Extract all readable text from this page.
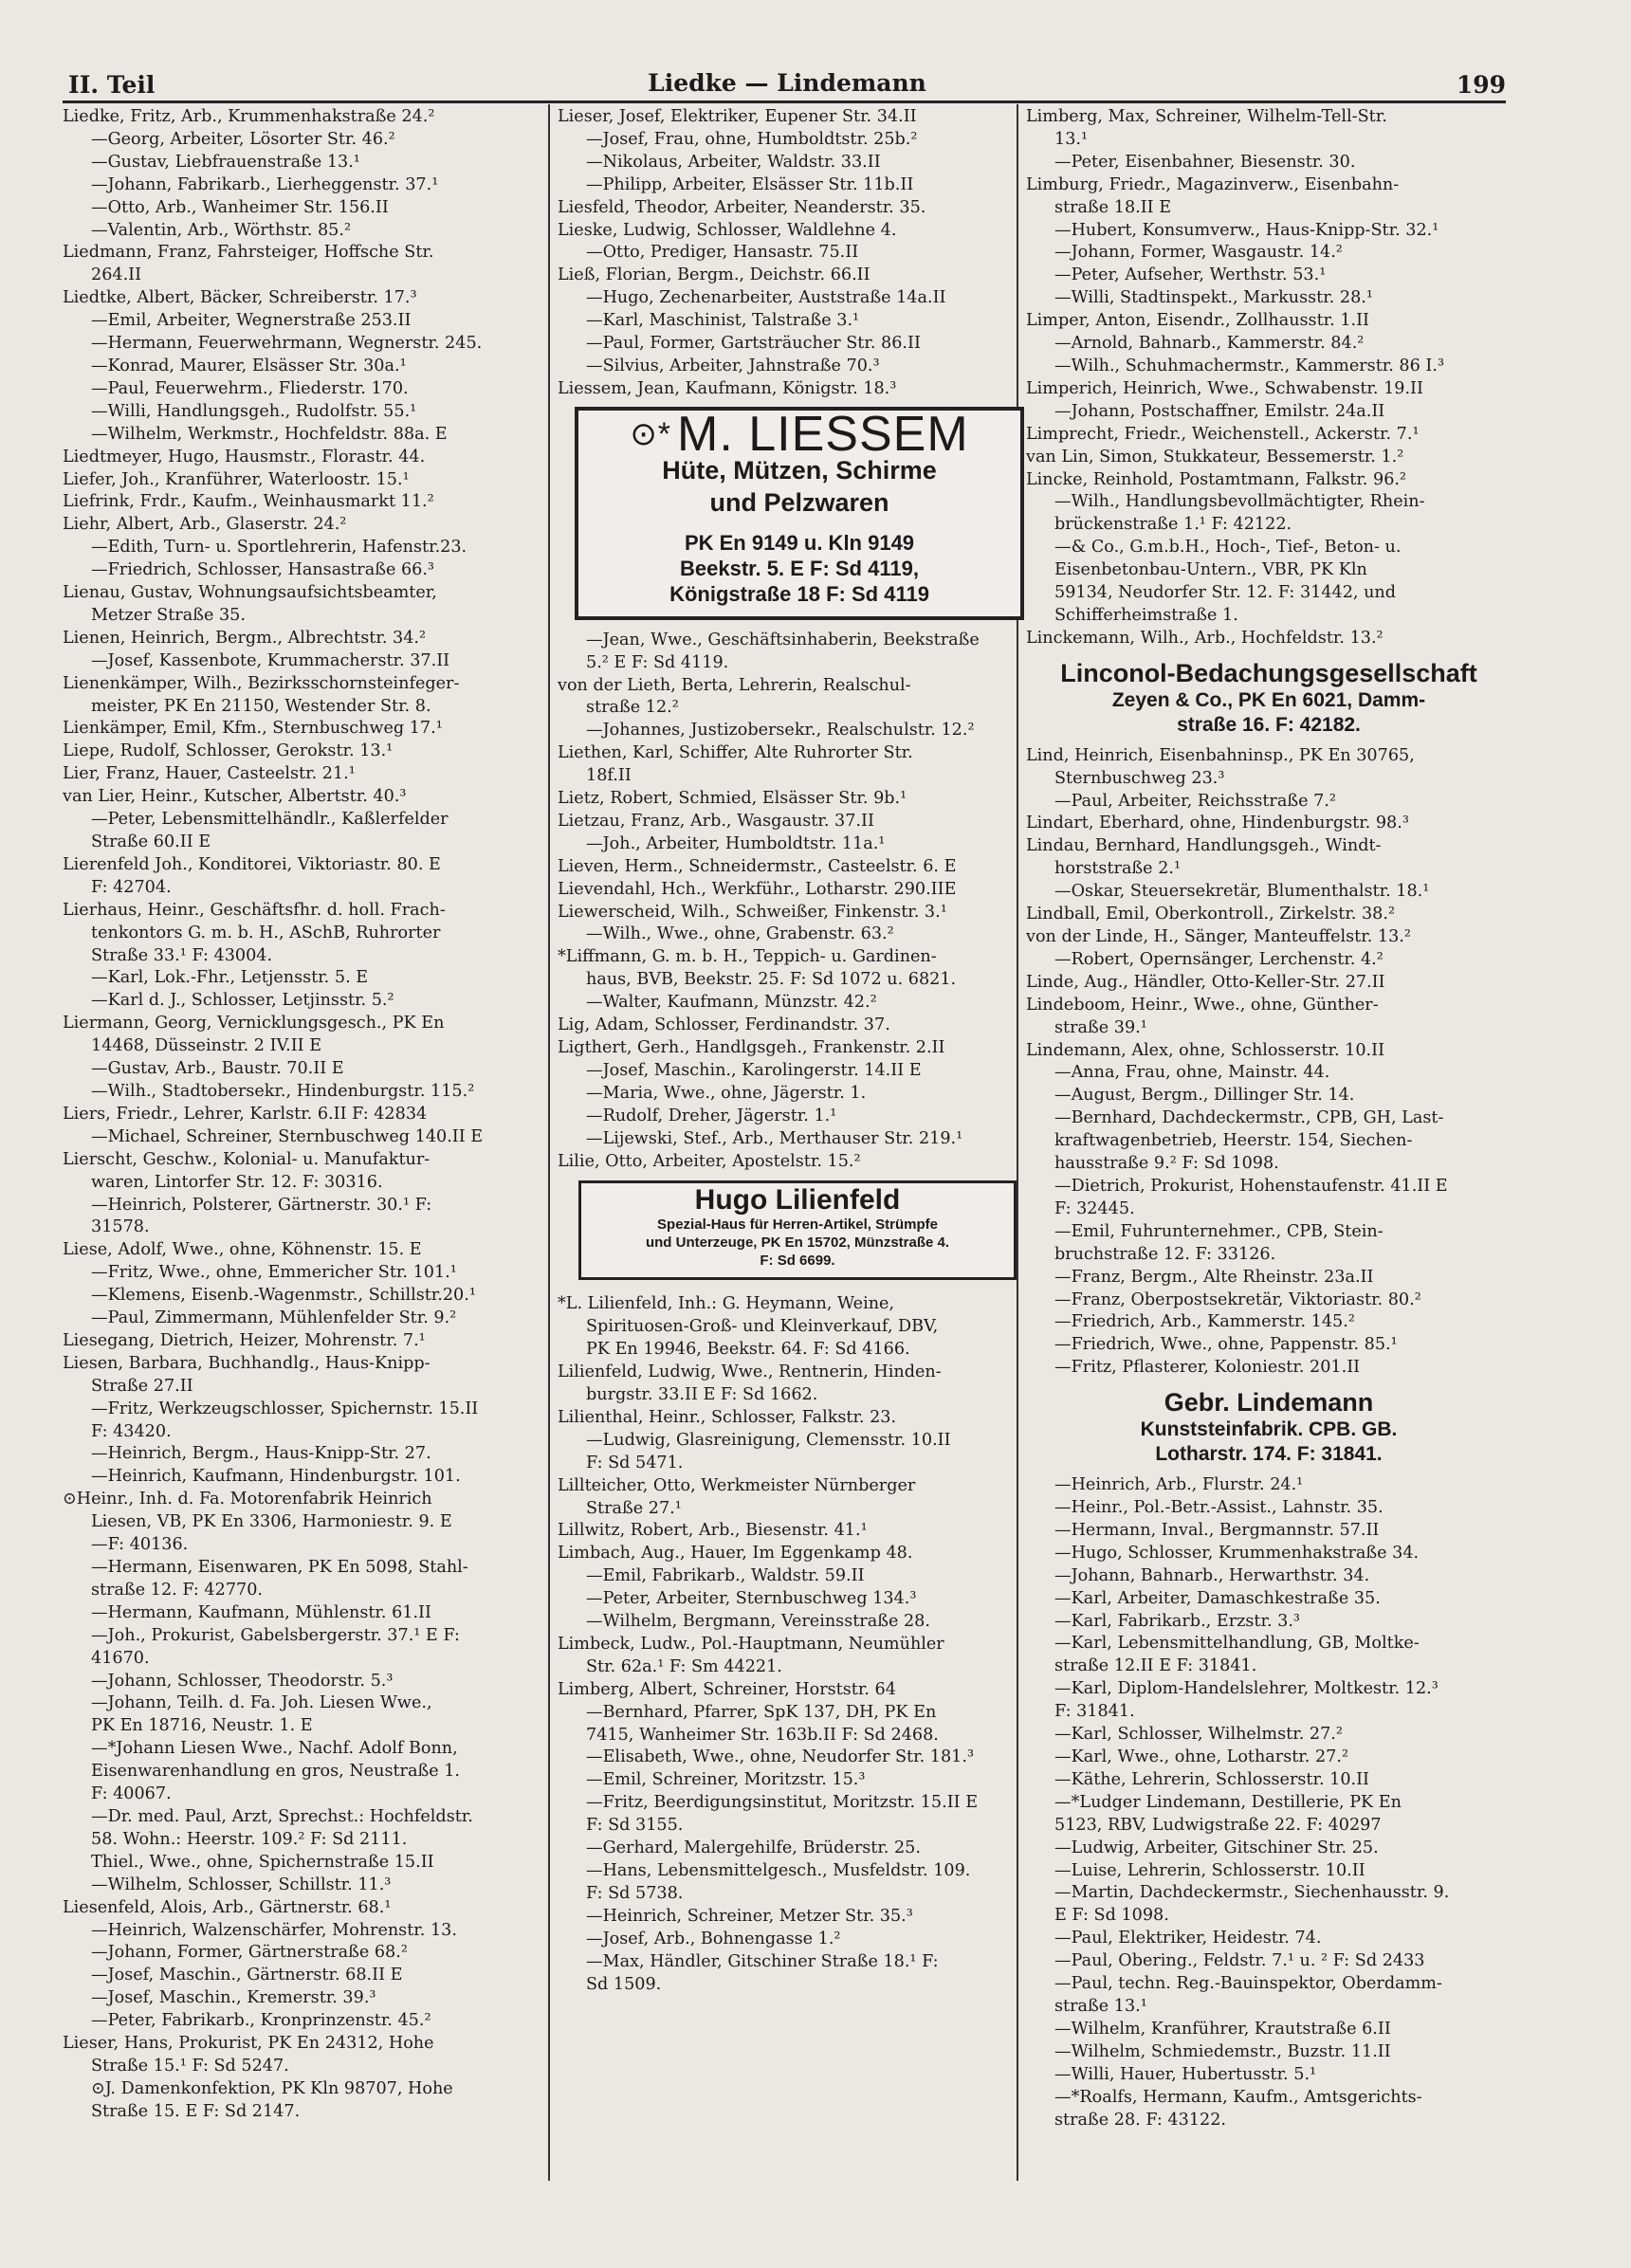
II. Teil	Liedke — Lindemann	199
Liedke, Fritz, Arb., Krummenhakstraße 24.²
—Georg, Arbeiter, Lösorter Str. 46.²
—Gustav, Liebfrauenstraße 13.¹
—Johann, Fabrikarb., Lierheggenstr. 37.¹
—Otto, Arb., Wanheimer Str. 156.II
—Valentin, Arb., Wörthstr. 85.²
Liedmann, Franz, Fahrsteiger, Hoffsche Str.
264.II
Liedtke, Albert, Bäcker, Schreiberstr. 17.³
—Emil, Arbeiter, Wegnerstraße 253.II
—Hermann, Feuerwehrmann, Wegnerstr. 245.
—Konrad, Maurer, Elsässer Str. 30a.¹
—Paul, Feuerwehrm., Fliederstr. 170.
—Willi, Handlungsgeh., Rudolfstr. 55.¹
—Wilhelm, Werkmstr., Hochfeldstr. 88a. E
Liedtmeyer, Hugo, Hausmstr., Florastr. 44.
Liefer, Joh., Kranführer, Waterloostr. 15.¹
Liefrink, Frdr., Kaufm., Weinhausmarkt 11.²
Liehr, Albert, Arb., Glaserstr. 24.²
—Edith, Turn- u. Sportlehrerin, Hafenstr.23.
—Friedrich, Schlosser, Hansastraße 66.³
Lienau, Gustav, Wohnungsaufsichtsbeamter,
Metzer Straße 35.
Lienen, Heinrich, Bergm., Albrechtstr. 34.²
—Josef, Kassenbote, Krummacherstr. 37.II
Lienenkämper, Wilh., Bezirksschornsteinfeger-
meister, PK En 21150, Westender Str. 8.
Lienkämper, Emil, Kfm., Sternbuschweg 17.¹
Liepe, Rudolf, Schlosser, Gerokstr. 13.¹
Lier, Franz, Hauer, Casteelstr. 21.¹
van Lier, Heinr., Kutscher, Albertstr. 40.³
—Peter, Lebensmittelhändlr., Kaßlerfelder
Straße 60.II E
Lierenfeld Joh., Konditorei, Viktoriastr. 80. E
F: 42704.
Lierhaus, Heinr., Geschäftsfhr. d. holl. Frach-
tenkontors G. m. b. H., ASchB, Ruhrorter
Straße 33.¹ F: 43004.
—Karl, Lok.-Fhr., Letjensstr. 5. E
—Karl d. J., Schlosser, Letjinsstr. 5.²
Liermann, Georg, Vernicklungsgesch., PK En
14468, Düsseinstr. 2 IV.II E
—Gustav, Arb., Baustr. 70.II E
—Wilh., Stadtobersekr., Hindenburgstr. 115.²
Liers, Friedr., Lehrer, Karlstr. 6.II F: 42834
—Michael, Schreiner, Sternbuschweg 140.II E
Lierscht, Geschw., Kolonial- u. Manufaktur-
waren, Lintorfer Str. 12. F: 30316.
—Heinrich, Polsterer, Gärtnerstr. 30.¹ F:
31578.
Liese, Adolf, Wwe., ohne, Köhnenstr. 15. E
—Fritz, Wwe., ohne, Emmericher Str. 101.¹
—Klemens, Eisenb.-Wagenmstr., Schillstr.20.¹
—Paul, Zimmermann, Mühlenfelder Str. 9.²
Liesegang, Dietrich, Heizer, Mohrenstr. 7.¹
Liesen, Barbara, Buchhandlg., Haus-Knipp-
Straße 27.II
—Fritz, Werkzeugschlosser, Spichernstr. 15.II
F: 43420.
—Heinrich, Bergm., Haus-Knipp-Str. 27.
—Heinrich, Kaufmann, Hindenburgstr. 101.
⊙Heinr., Inh. d. Fa. Motorenfabrik Heinrich
Liesen, VB, PK En 3306, Harmoniestr. 9. E
—F: 40136.
—Hermann, Eisenwaren, PK En 5098, Stahl-
straße 12. F: 42770.
—Hermann, Kaufmann, Mühlenstr. 61.II
—Joh., Prokurist, Gabelsbergerstr. 37.¹ E F:
41670.
—Johann, Schlosser, Theodorstr. 5.³
—Johann, Teilh. d. Fa. Joh. Liesen Wwe.,
PK En 18716, Neustr. 1. E
—*Johann Liesen Wwe., Nachf. Adolf Bonn,
Eisenwarenhandlung en gros, Neustraße 1.
F: 40067.
—Dr. med. Paul, Arzt, Sprechst.: Hochfeldstr.
58. Wohn.: Heerstr. 109.² F: Sd 2111.
Thiel., Wwe., ohne, Spichernstraße 15.II
—Wilhelm, Schlosser, Schillstr. 11.³
Liesenfeld, Alois, Arb., Gärtnerstr. 68.¹
—Heinrich, Walzenschärfer, Mohrenstr. 13.
—Johann, Former, Gärtnerstraße 68.²
—Josef, Maschin., Gärtnerstr. 68.II E
—Josef, Maschin., Kremerstr. 39.³
—Peter, Fabrikarb., Kronprinzenstr. 45.²
Lieser, Hans, Prokurist, PK En 24312, Hohe
Straße 15.¹ F: Sd 5247.
⊙J. Damenkonfektion, PK Kln 98707, Hohe
Straße 15. E F: Sd 2147.
Lieser, Josef, Elektriker, Eupener Str. 34.II
—Josef, Frau, ohne, Humboldtstr. 25b.²
—Nikolaus, Arbeiter, Waldstr. 33.II
—Philipp, Arbeiter, Elsässer Str. 11b.II
Liesfeld, Theodor, Arbeiter, Neanderstr. 35.
Lieske, Ludwig, Schlosser, Waldlehne 4.
—Otto, Prediger, Hansastr. 75.II
Ließ, Florian, Bergm., Deichstr. 66.II
—Hugo, Zechenarbeiter, Auststraße 14a.II
—Karl, Maschinist, Talstraße 3.¹
—Paul, Former, Gartsträucher Str. 86.II
—Silvius, Arbeiter, Jahnstraße 70.³
Liessem, Jean, Kaufmann, Königstr. 18.³
⊙* M. LIESSEM
Hüte, Mützen, Schirme
und Pelzwaren
PK En 9149 u. Kln 9149
Beekstr. 5. E F: Sd 4119,
Königstraße 18 F: Sd 4119
—Jean, Wwe., Geschäftsinhaberin, Beekstraße
5.² E F: Sd 4119.
von der Lieth, Berta, Lehrerin, Realschul-
straße 12.²
—Johannes, Justizobersekr., Realschulstr. 12.²
Liethen, Karl, Schiffer, Alte Ruhrorter Str.
18f.II
Lietz, Robert, Schmied, Elsässer Str. 9b.¹
Lietzau, Franz, Arb., Wasgaustr. 37.II
—Joh., Arbeiter, Humboldtstr. 11a.¹
Lieven, Herm., Schneidermstr., Casteelstr. 6. E
Lievendahl, Hch., Werkführ., Lotharstr. 290.IIE
Liewerscheid, Wilh., Schweißer, Finkenstr. 3.¹
—Wilh., Wwe., ohne, Grabenstr. 63.²
*Liffmann, G. m. b. H., Teppich- u. Gardinen-
haus, BVB, Beekstr. 25. F: Sd 1072 u. 6821.
—Walter, Kaufmann, Münzstr. 42.²
Lig, Adam, Schlosser, Ferdinandstr. 37.
Ligthert, Gerh., Handlgsgeh., Frankenstr. 2.II
—Josef, Maschin., Karolingerstr. 14.II E
—Maria, Wwe., ohne, Jägerstr. 1.
—Rudolf, Dreher, Jägerstr. 1.¹
—Lijewski, Stef., Arb., Merthauser Str. 219.¹
Lilie, Otto, Arbeiter, Apostelstr. 15.²
Hugo Lilienfeld
Spezial-Haus für Herren-Artikel, Strümpfe
und Unterzeuge, PK En 15702, Münzstraße 4.
F: Sd 6699.
*L. Lilienfeld, Inh.: G. Heymann, Weine,
Spirituosen-Groß- und Kleinverkauf, DBV,
PK En 19946, Beekstr. 64. F: Sd 4166.
Lilienfeld, Ludwig, Wwe., Rentnerin, Hinden-
burgstr. 33.II E F: Sd 1662.
Lilienthal, Heinr., Schlosser, Falkstr. 23.
—Ludwig, Glasreinigung, Clemensstr. 10.II
F: Sd 5471.
Lillteicher, Otto, Werkmeister Nürnberger
Straße 27.¹
Lillwitz, Robert, Arb., Biesenstr. 41.¹
Limbach, Aug., Hauer, Im Eggenkamp 48.
—Emil, Fabrikarb., Waldstr. 59.II
—Peter, Arbeiter, Sternbuschweg 134.³
—Wilhelm, Bergmann, Vereinsstraße 28.
Limbeck, Ludw., Pol.-Hauptmann, Neumühler
Str. 62a.¹ F: Sm 44221.
Limberg, Albert, Schreiner, Horststr. 64
—Bernhard, Pfarrer, SpK 137, DH, PK En
7415, Wanheimer Str. 163b.II F: Sd 2468.
—Elisabeth, Wwe., ohne, Neudorfer Str. 181.³
—Emil, Schreiner, Moritzstr. 15.³
—Fritz, Beerdigungsinstitut, Moritzstr. 15.II E
F: Sd 3155.
—Gerhard, Malergehilfe, Brüderstr. 25.
—Hans, Lebensmittelgesch., Musfeldstr. 109.
F: Sd 5738.
—Heinrich, Schreiner, Metzer Str. 35.³
—Josef, Arb., Bohnengasse 1.²
—Max, Händler, Gitschiner Straße 18.¹ F:
Sd 1509.
Limberg, Max, Schreiner, Wilhelm-Tell-Str.
13.¹
—Peter, Eisenbahner, Biesenstr. 30.
Limburg, Friedr., Magazinverw., Eisenbahn-
straße 18.II E
—Hubert, Konsumverw., Haus-Knipp-Str. 32.¹
—Johann, Former, Wasgaustr. 14.²
—Peter, Aufseher, Werthstr. 53.¹
—Willi, Stadtinspekt., Markusstr. 28.¹
Limper, Anton, Eisendr., Zollhausstr. 1.II
—Arnold, Bahnarb., Kammerstr. 84.²
—Wilh., Schuhmachermstr., Kammerstr. 86 I.³
Limperich, Heinrich, Wwe., Schwabenstr. 19.II
—Johann, Postschaffner, Emilstr. 24a.II
Limprecht, Friedr., Weichenstell., Ackerstr. 7.¹
van Lin, Simon, Stukkateur, Bessemerstr. 1.²
Lincke, Reinhold, Postamtmann, Falkstr. 96.²
—Wilh., Handlungsbevollmächtigter, Rhein-
brückenstraße 1.¹ F: 42122.
—& Co., G.m.b.H., Hoch-, Tief-, Beton- u.
Eisenbetonbau-Untern., VBR, PK Kln
59134, Neudorfer Str. 12. F: 31442, und
Schifferheimstraße 1.
Linckemann, Wilh., Arb., Hochfeldstr. 13.²
Linconol-Bedachungsgesellschaft
Zeyen & Co., PK En 6021, Damm-
straße 16. F: 42182.
Lind, Heinrich, Eisenbahninsp., PK En 30765,
Sternbuschweg 23.³
—Paul, Arbeiter, Reichsstraße 7.²
Lindart, Eberhard, ohne, Hindenburgstr. 98.³
Lindau, Bernhard, Handlungsgeh., Windt-
horststraße 2.¹
—Oskar, Steuersekretär, Blumenthalstr. 18.¹
Lindball, Emil, Oberkontroll., Zirkelstr. 38.²
von der Linde, H., Sänger, Manteuffelstr. 13.²
—Robert, Opernsänger, Lerchenstr. 4.²
Linde, Aug., Händler, Otto-Keller-Str. 27.II
Lindeboom, Heinr., Wwe., ohne, Günther-
straße 39.¹
Lindemann, Alex, ohne, Schlosserstr. 10.II
—Anna, Frau, ohne, Mainstr. 44.
—August, Bergm., Dillinger Str. 14.
—Bernhard, Dachdeckermstr., CPB, GH, Last-
kraftwagenbetrieb, Heerstr. 154, Siechen-
hausstraße 9.² F: Sd 1098.
—Dietrich, Prokurist, Hohenstaufenstr. 41.II E
F: 32445.
—Emil, Fuhrunternehmer., CPB, Stein-
bruchstraße 12. F: 33126.
—Franz, Bergm., Alte Rheinstr. 23a.II
—Franz, Oberpostsekretär, Viktoriastr. 80.²
—Friedrich, Arb., Kammerstr. 145.²
—Friedrich, Wwe., ohne, Pappenstr. 85.¹
—Fritz, Pflasterer, Koloniestr. 201.II
Gebr. Lindemann
Kunststeinfabrik. CPB. GB.
Lotharstr. 174. F: 31841.
—Heinrich, Arb., Flurstr. 24.¹
—Heinr., Pol.-Betr.-Assist., Lahnstr. 35.
—Hermann, Inval., Bergmannstr. 57.II
—Hugo, Schlosser, Krummenhakstraße 34.
—Johann, Bahnarb., Herwarthstr. 34.
—Karl, Arbeiter, Damaschkestraße 35.
—Karl, Fabrikarb., Erzstr. 3.³
—Karl, Lebensmittelhandlung, GB, Moltke-
straße 12.II E F: 31841.
—Karl, Diplom-Handelslehrer, Moltkestr. 12.³
F: 31841.
—Karl, Schlosser, Wilhelmstr. 27.²
—Karl, Wwe., ohne, Lotharstr. 27.²
—Käthe, Lehrerin, Schlosserstr. 10.II
—*Ludger Lindemann, Destillerie, PK En
5123, RBV, Ludwigstraße 22. F: 40297
—Ludwig, Arbeiter, Gitschiner Str. 25.
—Luise, Lehrerin, Schlosserstr. 10.II
—Martin, Dachdeckermstr., Siechenhausstr. 9.
E F: Sd 1098.
—Paul, Elektriker, Heidestr. 74.
—Paul, Obering., Feldstr. 7.¹ u. ² F: Sd 2433
—Paul, techn. Reg.-Bauinspektor, Oberdamm-
straße 13.¹
—Wilhelm, Kranführer, Krautstraße 6.II
—Wilhelm, Schmiedemstr., Buzstr. 11.II
—Willi, Hauer, Hubertusstr. 5.¹
—*Roalfs, Hermann, Kaufm., Amtsgerichts-
straße 28. F: 43122.
